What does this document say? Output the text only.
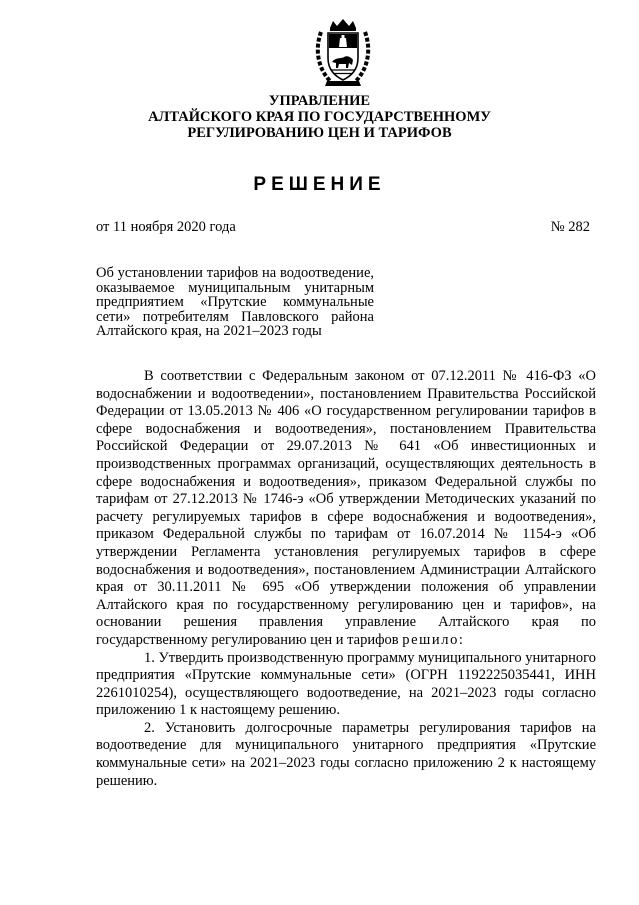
УПРАВЛЕНИЕ
АЛТАЙСКОГО КРАЯ ПО ГОСУДАРСТВЕННОМУ
РЕГУЛИРОВАНИЮ ЦЕН И ТАРИФОВ
РЕШЕНИЕ
от 11 ноября 2020 года	№ 282
Об установлении тарифов на водоотведение, оказываемое муниципальным унитарным предприятием «Прутские коммунальные сети» потребителям Павловского района Алтайского края, на 2021–2023 годы

В соответствии с Федеральным законом от 07.12.2011 № 416-ФЗ «О водоснабжении и водоотведении», постановлением Правительства Российской Федерации от 13.05.2013 № 406 «О государственном регулировании тарифов в сфере водоснабжения и водоотведения», постановлением Правительства Российской Федерации от 29.07.2013 № 641 «Об инвестиционных и производственных программах организаций, осуществляющих деятельность в сфере водоснабжения и водоотведения», приказом Федеральной службы по тарифам от 27.12.2013 № 1746-э «Об утверждении Методических указаний по расчету регулируемых тарифов в сфере водоснабжения и водоотведения», приказом Федеральной службы по тарифам от 16.07.2014 № 1154-э «Об утверждении Регламента установления регулируемых тарифов в сфере водоснабжения и водоотведения», постановлением Администрации Алтайского края от 30.11.2011 № 695 «Об утверждении положения об управлении Алтайского края по государственному регулированию цен и тарифов», на основании решения правления управление Алтайского края по государственному регулированию цен и тарифов решило:

1. Утвердить производственную программу муниципального унитарного предприятия «Прутские коммунальные сети» (ОГРН 1192225035441, ИНН 2261010254), осуществляющего водоотведение, на 2021–2023 годы согласно приложению 1 к настоящему решению.

2. Установить долгосрочные параметры регулирования тарифов на водоотведение для муниципального унитарного предприятия «Прутские коммунальные сети» на 2021–2023 годы согласно приложению 2 к настоящему решению.
